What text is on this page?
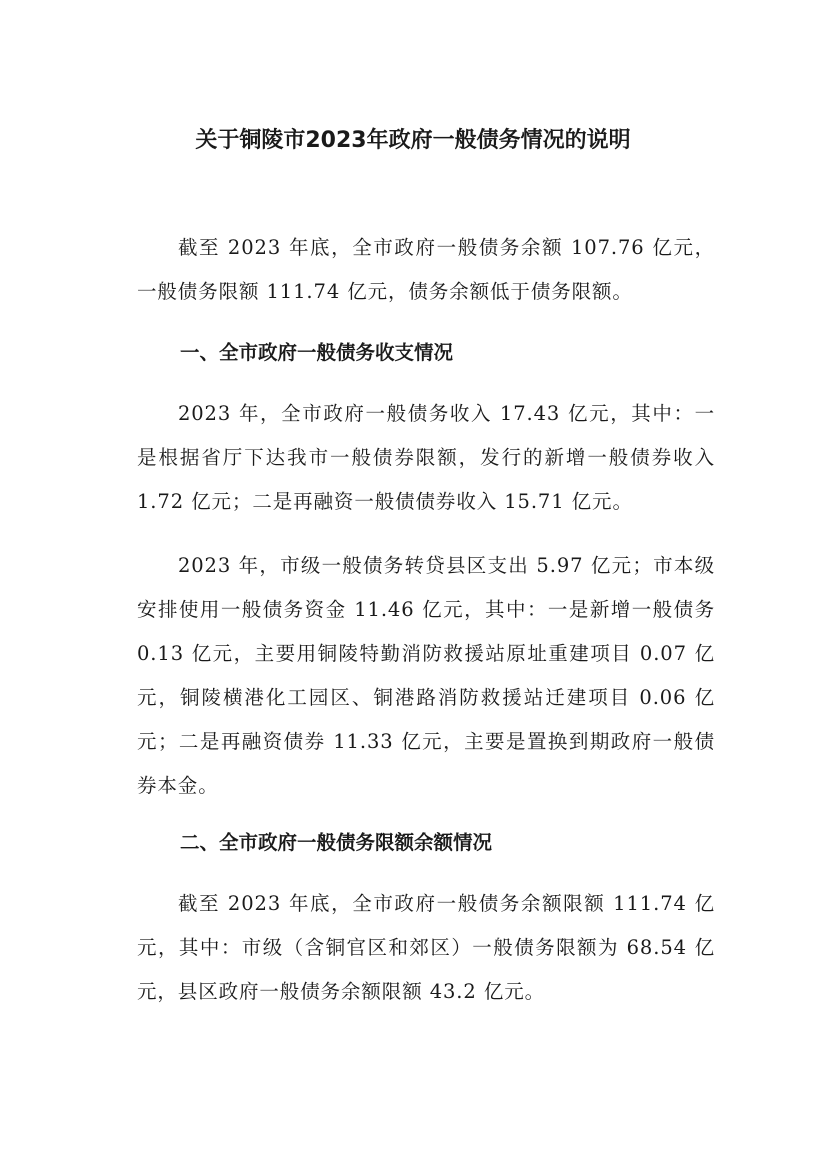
关于铜陵市2023年政府一般债务情况的说明

截至 2023 年底，全市政府一般债务余额 107.76 亿元，一般债务限额 111.74 亿元，债务余额低于债务限额。

一、全市政府一般债务收支情况

2023 年，全市政府一般债务收入 17.43 亿元，其中：一是根据省厅下达我市一般债券限额，发行的新增一般债券收入 1.72 亿元；二是再融资一般债债券收入 15.71 亿元。

2023 年，市级一般债务转贷县区支出 5.97 亿元；市本级安排使用一般债务资金 11.46 亿元，其中：一是新增一般债务 0.13 亿元，主要用铜陵特勤消防救援站原址重建项目 0.07 亿元，铜陵横港化工园区、铜港路消防救援站迁建项目 0.06 亿元；二是再融资债券 11.33 亿元，主要是置换到期政府一般债券本金。

二、全市政府一般债务限额余额情况

截至 2023 年底，全市政府一般债务余额限额 111.74 亿元，其中：市级（含铜官区和郊区）一般债务限额为 68.54 亿元，县区政府一般债务余额限额 43.2 亿元。
